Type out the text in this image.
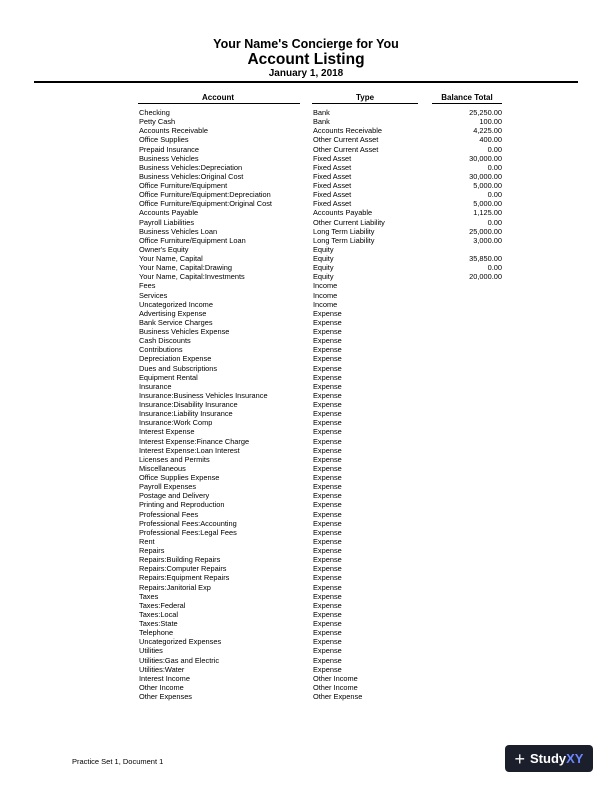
Your Name's Concierge for You
Account Listing
January 1, 2018
Account	Type	Balance Total
Checking	Bank	25,250.00
Petty Cash	Bank	100.00
Accounts Receivable	Accounts Receivable	4,225.00
Office Supplies	Other Current Asset	400.00
Prepaid Insurance	Other Current Asset	0.00
Business Vehicles	Fixed Asset	30,000.00
Business Vehicles:Depreciation	Fixed Asset	0.00
Business Vehicles:Original Cost	Fixed Asset	30,000.00
Office Furniture/Equipment	Fixed Asset	5,000.00
Office Furniture/Equipment:Depreciation	Fixed Asset	0.00
Office Furniture/Equipment:Original Cost	Fixed Asset	5,000.00
Accounts Payable	Accounts Payable	1,125.00
Payroll Liabilities	Other Current Liability	0.00
Business Vehicles Loan	Long Term Liability	25,000.00
Office Furniture/Equipment Loan	Long Term Liability	3,000.00
Owner's Equity	Equity
Your Name, Capital	Equity	35,850.00
Your Name, Capital:Drawing	Equity	0.00
Your Name, Capital:Investments	Equity	20,000.00
Fees	Income
Services	Income
Uncategorized Income	Income
Advertising Expense	Expense
Bank Service Charges	Expense
Business Vehicles Expense	Expense
Cash Discounts	Expense
Contributions	Expense
Depreciation Expense	Expense
Dues and Subscriptions	Expense
Equipment Rental	Expense
Insurance	Expense
Insurance:Business Vehicles Insurance	Expense
Insurance:Disability Insurance	Expense
Insurance:Liability Insurance	Expense
Insurance:Work Comp	Expense
Interest Expense	Expense
Interest Expense:Finance Charge	Expense
Interest Expense:Loan Interest	Expense
Licenses and Permits	Expense
Miscellaneous	Expense
Office Supplies Expense	Expense
Payroll Expenses	Expense
Postage and Delivery	Expense
Printing and Reproduction	Expense
Professional Fees	Expense
Professional Fees:Accounting	Expense
Professional Fees:Legal Fees	Expense
Rent	Expense
Repairs	Expense
Repairs:Building Repairs	Expense
Repairs:Computer Repairs	Expense
Repairs:Equipment Repairs	Expense
Repairs:Janitorial Exp	Expense
Taxes	Expense
Taxes:Federal	Expense
Taxes:Local	Expense
Taxes:State	Expense
Telephone	Expense
Uncategorized Expenses	Expense
Utilities	Expense
Utilities:Gas and Electric	Expense
Utilities:Water	Expense
Interest Income	Other Income
Other Income	Other Income
Other Expenses	Other Expense
Practice Set 1, Document 1	+ StudyXY
